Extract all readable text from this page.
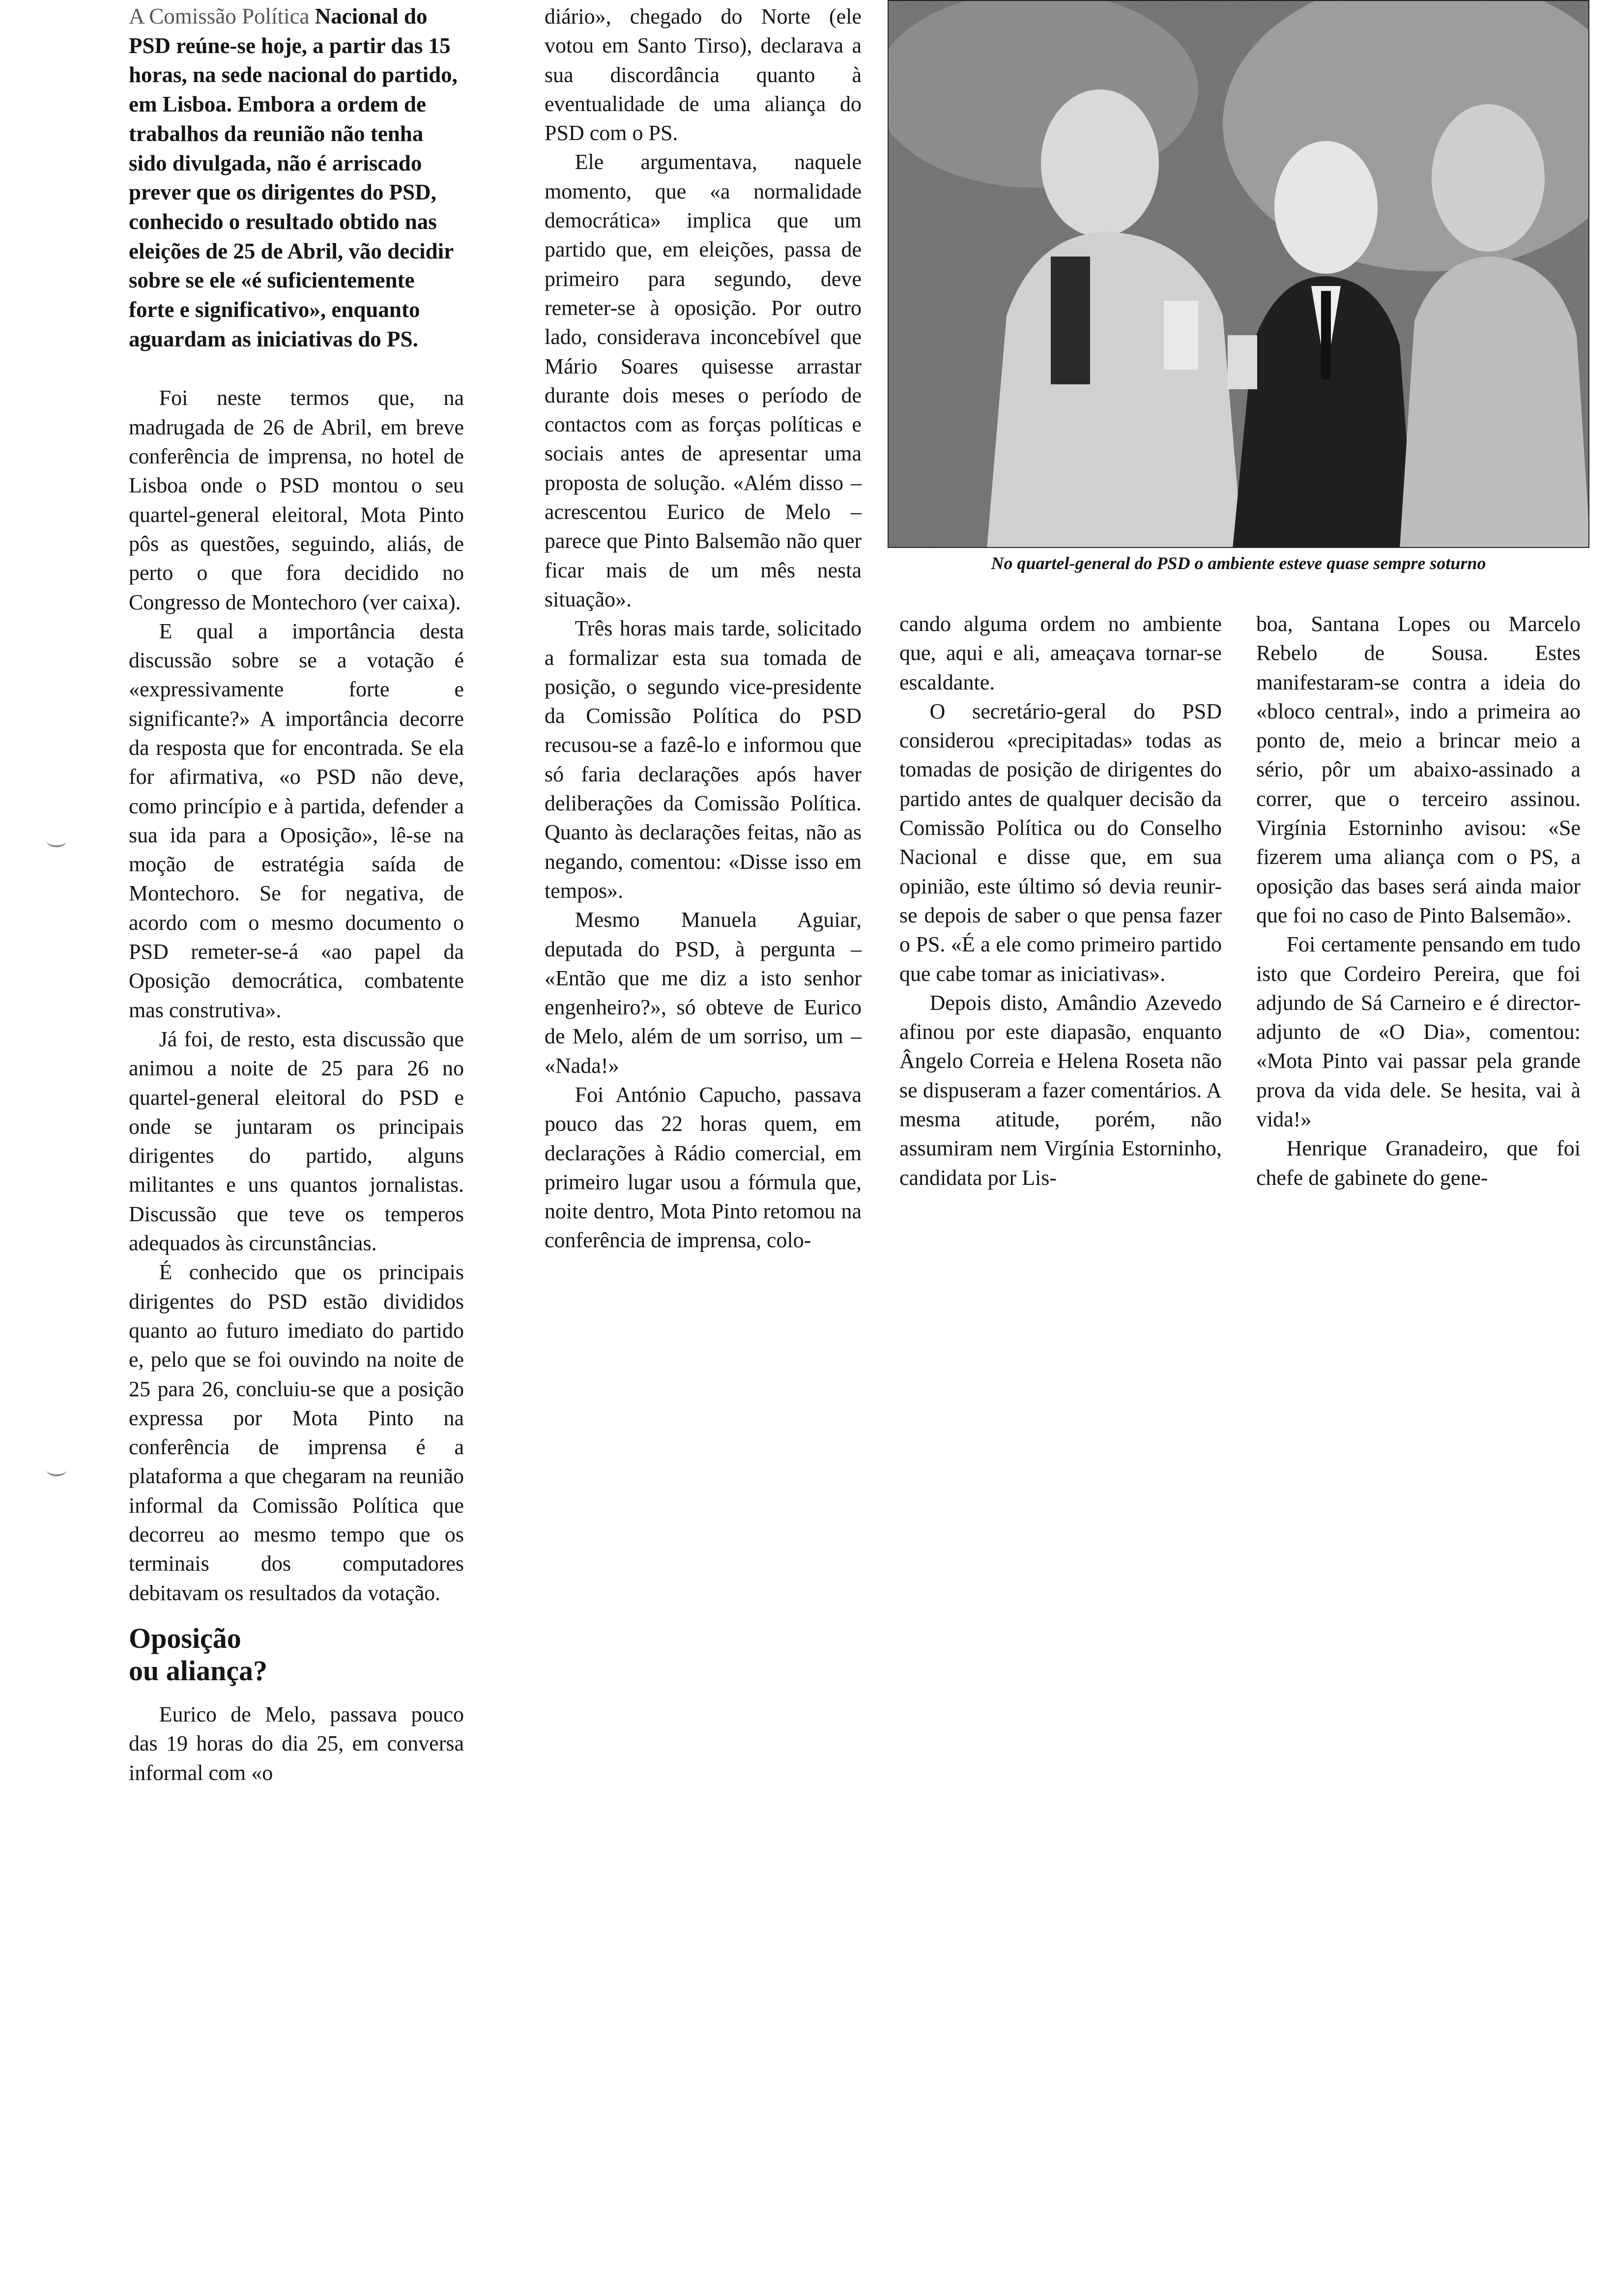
A Comissão Política Nacional do PSD reúne-se hoje, a partir das 15 horas, na sede nacional do partido, em Lisboa. Embora a ordem de trabalhos da reunião não tenha sido divulgada, não é arriscado prever que os dirigentes do PSD, conhecido o resultado obtido nas eleições de 25 de Abril, vão decidir sobre se ele «é suficientemente forte e significativo», enquanto aguardam as iniciativas do PS.

Foi neste termos que, na madrugada de 26 de Abril, em breve conferência de imprensa, no hotel de Lisboa onde o PSD montou o seu quartel-general eleitoral, Mota Pinto pôs as questões, seguindo, aliás, de perto o que fora decidido no Congresso de Montechoro (ver caixa).

E qual a importância desta discussão sobre se a votação é «expressivamente forte e significante?» A importância decorre da resposta que for encontrada. Se ela for afirmativa, «o PSD não deve, como princípio e à partida, defender a sua ida para a Oposição», lê-se na moção de estratégia saída de Montechoro. Se for negativa, de acordo com o mesmo documento o PSD remeter-se-á «ao papel da Oposição democrática, combatente mas construtiva».

Já foi, de resto, esta discussão que animou a noite de 25 para 26 no quartel-general eleitoral do PSD e onde se juntaram os principais dirigentes do partido, alguns militantes e uns quantos jornalistas. Discussão que teve os temperos adequados às circunstâncias.

É conhecido que os principais dirigentes do PSD estão divididos quanto ao futuro imediato do partido e, pelo que se foi ouvindo na noite de 25 para 26, concluiu-se que a posição expressa por Mota Pinto na conferência de imprensa é a plataforma a que chegaram na reunião informal da Comissão Política que decorreu ao mesmo tempo que os terminais dos computadores debitavam os resultados da votação.

Oposição
ou aliança?

Eurico de Melo, passava pouco das 19 horas do dia 25, em conversa informal com «o

diário», chegado do Norte (ele votou em Santo Tirso), declarava a sua discordância quanto à eventualidade de uma aliança do PSD com o PS.

Ele argumentava, naquele momento, que «a normalidade democrática» implica que um partido que, em eleições, passa de primeiro para segundo, deve remeter-se à oposição. Por outro lado, considerava inconcebível que Mário Soares quisesse arrastar durante dois meses o período de contactos com as forças políticas e sociais antes de apresentar uma proposta de solução. «Além disso – acrescentou Eurico de Melo – parece que Pinto Balsemão não quer ficar mais de um mês nesta situação».

Três horas mais tarde, solicitado a formalizar esta sua tomada de posição, o segundo vice-presidente da Comissão Política do PSD recusou-se a fazê-lo e informou que só faria declarações após haver deliberações da Comissão Política. Quanto às declarações feitas, não as negando, comentou: «Disse isso em tempos».

Mesmo Manuela Aguiar, deputada do PSD, à pergunta – «Então que me diz a isto senhor engenheiro?», só obteve de Eurico de Melo, além de um sorriso, um – «Nada!»

Foi António Capucho, passava pouco das 22 horas quem, em declarações à Rádio comercial, em primeiro lugar usou a fórmula que, noite dentro, Mota Pinto retomou na conferência de imprensa, colo-

No quartel-general do PSD o ambiente esteve quase sempre soturno

cando alguma ordem no ambiente que, aqui e ali, ameaçava tornar-se escaldante.

O secretário-geral do PSD considerou «precipitadas» todas as tomadas de posição de dirigentes do partido antes de qualquer decisão da Comissão Política ou do Conselho Nacional e disse que, em sua opinião, este último só devia reunir-se depois de saber o que pensa fazer o PS. «É a ele como primeiro partido que cabe tomar as iniciativas».

Depois disto, Amândio Azevedo afinou por este diapasão, enquanto Ângelo Correia e Helena Roseta não se dispuseram a fazer comentários. A mesma atitude, porém, não assumiram nem Virgínia Estorninho, candidata por Lis-

boa, Santana Lopes ou Marcelo Rebelo de Sousa. Estes manifestaram-se contra a ideia do «bloco central», indo a primeira ao ponto de, meio a brincar meio a sério, pôr um abaixo-assinado a correr, que o terceiro assinou. Virgínia Estorninho avisou: «Se fizerem uma aliança com o PS, a oposição das bases será ainda maior que foi no caso de Pinto Balsemão».

Foi certamente pensando em tudo isto que Cordeiro Pereira, que foi adjundo de Sá Carneiro e é director-adjunto de «O Dia», comentou: «Mota Pinto vai passar pela grande prova da vida dele. Se hesita, vai à vida!»

Henrique Granadeiro, que foi chefe de gabinete do gene-
